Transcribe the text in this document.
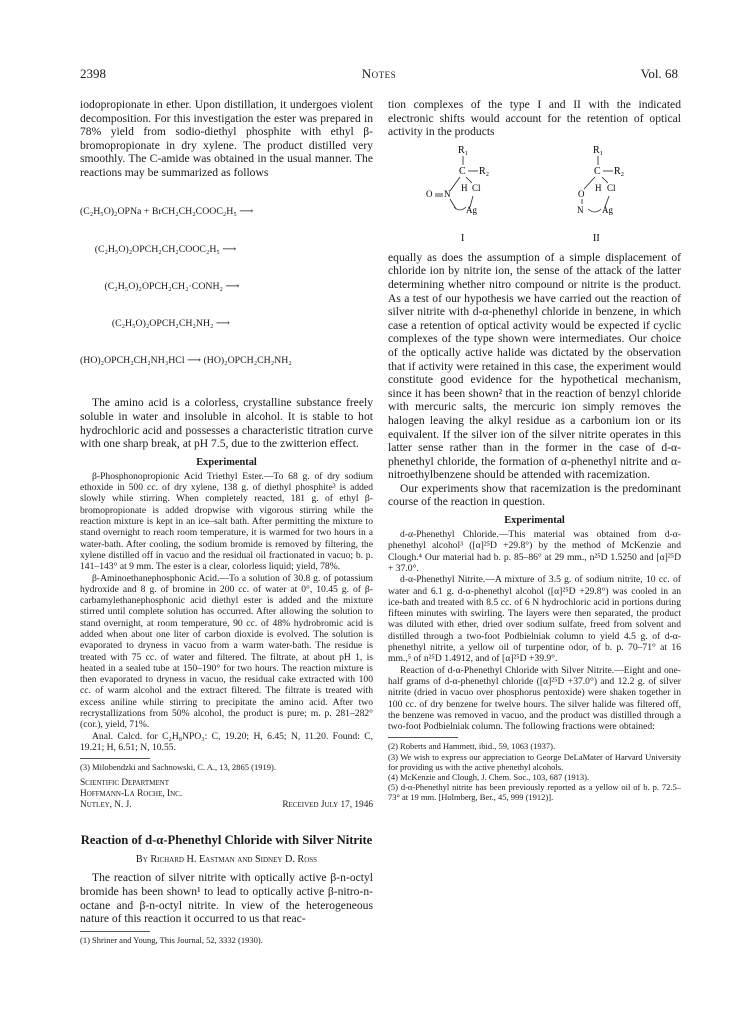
2398	Notes	Vol. 68

iodopropionate in ether. Upon distillation, it undergoes violent decomposition. For this investigation the ester was prepared in 78% yield from sodio-diethyl phosphite with ethyl β-bromopropionate in dry xylene. The product distilled very smoothly. The C-amide was obtained in the usual manner. The reactions may be summarized as follows

(C₂H₅O)₂OPNa + BrCH₂CH₂COOC₂H₅ ⟶

(C₂H₅O)₂OPCH₂CH₂COOC₂H₅ ⟶

(C₂H₅O)₂OPCH₂CH₂·CONH₂ ⟶

(C₂H₅O)₂OPCH₂CH₂NH₂ ⟶

(HO)₂OPCH₂CH₂NH₃HCl ⟶ (HO)₂OPCH₂CH₂NH₂

The amino acid is a colorless, crystalline substance freely soluble in water and insoluble in alcohol. It is stable to hot hydrochloric acid and possesses a characteristic titration curve with one sharp break, at pH 7.5, due to the zwitterion effect.

Experimental

β-Phosphonopropionic Acid Triethyl Ester.—To 68 g. of dry sodium ethoxide in 500 cc. of dry xylene, 138 g. of diethyl phosphite³ is added slowly while stirring. When completely reacted, 181 g. of ethyl β-bromopropionate is added dropwise with vigorous stirring while the reaction mixture is kept in an ice–salt bath. After permitting the mixture to stand overnight to reach room temperature, it is warmed for two hours in a water-bath. After cooling, the sodium bromide is removed by filtering, the xylene distilled off in vacuo and the residual oil fractionated in vacuo; b. p. 141–143° at 9 mm. The ester is a clear, colorless liquid; yield, 78%.

β-Aminoethanephosphonic Acid.—To a solution of 30.8 g. of potassium hydroxide and 8 g. of bromine in 200 cc. of water at 0°, 10.45 g. of β-carbamylethanephosphonic acid diethyl ester is added and the mixture stirred until complete solution has occurred. After allowing the solution to stand overnight, at room temperature, 90 cc. of 48% hydrobromic acid is added when about one liter of carbon dioxide is evolved. The solution is evaporated to dryness in vacuo from a warm water-bath. The residue is treated with 75 cc. of water and filtered. The filtrate, at about pH 1, is heated in a sealed tube at 150–190° for two hours. The reaction mixture is then evaporated to dryness in vacuo, the residual cake extracted with 100 cc. of warm alcohol and the extract filtered. The filtrate is treated with excess aniline while stirring to precipitate the amino acid. After two recrystallizations from 50% alcohol, the product is pure; m. p. 281–282° (cor.), yield, 71%.

Anal. Calcd. for C₂H₈NPO₃: C, 19.20; H, 6.45; N, 11.20. Found: C, 19.21; H, 6.51; N, 10.55.

(3) Milobendzki and Sachnowski, C. A., 13, 2865 (1919).

Scientific Department
Hoffmann-La Roche, Inc.
Nutley, N. J.	Received July 17, 1946
Reaction of d-α-Phenethyl Chloride with Silver Nitrite
By Richard H. Eastman and Sidney D. Ross

The reaction of silver nitrite with optically active β-n-octyl bromide has been shown¹ to lead to optically active β-nitro-n-octane and β-n-octyl nitrite. In view of the heterogeneous nature of this reaction it occurred to us that reac-

(1) Shriner and Young, This Journal, 52, 3332 (1930).

tion complexes of the type I and II with the indicated electronic shifts would account for the retention of optical activity in the products

R₁
C R₂
H Cl
O N
Ag
I
R₁
C R₂
H Cl
O
N Ag
II

equally as does the assumption of a simple displacement of chloride ion by nitrite ion, the sense of the attack of the latter determining whether nitro compound or nitrite is the product. As a test of our hypothesis we have carried out the reaction of silver nitrite with d-α-phenethyl chloride in benzene, in which case a retention of optical activity would be expected if cyclic complexes of the type shown were intermediates. Our choice of the optically active halide was dictated by the observation that if activity were retained in this case, the experiment would constitute good evidence for the hypothetical mechanism, since it has been shown² that in the reaction of benzyl chloride with mercuric salts, the mercuric ion simply removes the halogen leaving the alkyl residue as a carbonium ion or its equivalent. If the silver ion of the silver nitrite operates in this latter sense rather than in the former in the case of d-α-phenethyl chloride, the formation of α-phenethyl nitrite and α-nitroethylbenzene should be attended with racemization.

Our experiments show that racemization is the predominant course of the reaction in question.

Experimental

d-α-Phenethyl Chloride.—This material was obtained from d-α-phenethyl alcohol³ ([α]²⁵D +29.8°) by the method of McKenzie and Clough.⁴ Our material had b. p. 85–86° at 29 mm., n²⁵D 1.5250 and [α]²⁵D + 37.0°.

d-α-Phenethyl Nitrite.—A mixture of 3.5 g. of sodium nitrite, 10 cc. of water and 6.1 g. d-α-phenethyl alcohol ([α]²⁵D +29.8°) was cooled in an ice-bath and treated with 8.5 cc. of 6 N hydrochloric acid in portions during fifteen minutes with swirling. The layers were then separated, the product was diluted with ether, dried over sodium sulfate, freed from solvent and distilled through a two-foot Podbielniak column to yield 4.5 g. of d-α-phenethyl nitrite, a yellow oil of turpentine odor, of b. p. 70–71° at 16 mm.,⁵ of n²⁵D 1.4912, and of [α]²⁵D +39.9°.

Reaction of d-α-Phenethyl Chloride with Silver Nitrite.—Eight and one-half grams of d-α-phenethyl chloride ([α]²⁵D +37.0°) and 12.2 g. of silver nitrite (dried in vacuo over phosphorus pentoxide) were shaken together in 100 cc. of dry benzene for twelve hours. The silver halide was filtered off, the benzene was removed in vacuo, and the product was distilled through a two-foot Podbielniak column. The following fractions were obtained:

(2) Roberts and Hammett, ibid., 59, 1063 (1937).

(3) We wish to express our appreciation to George DeLaMater of Harvard University for providing us with the active phenethyl alcohols.

(4) McKenzie and Clough, J. Chem. Soc., 103, 687 (1913).

(5) d-α-Phenethyl nitrite has been previously reported as a yellow oil of b. p. 72.5–73° at 19 mm. [Holmberg, Ber., 45, 999 (1912)].
